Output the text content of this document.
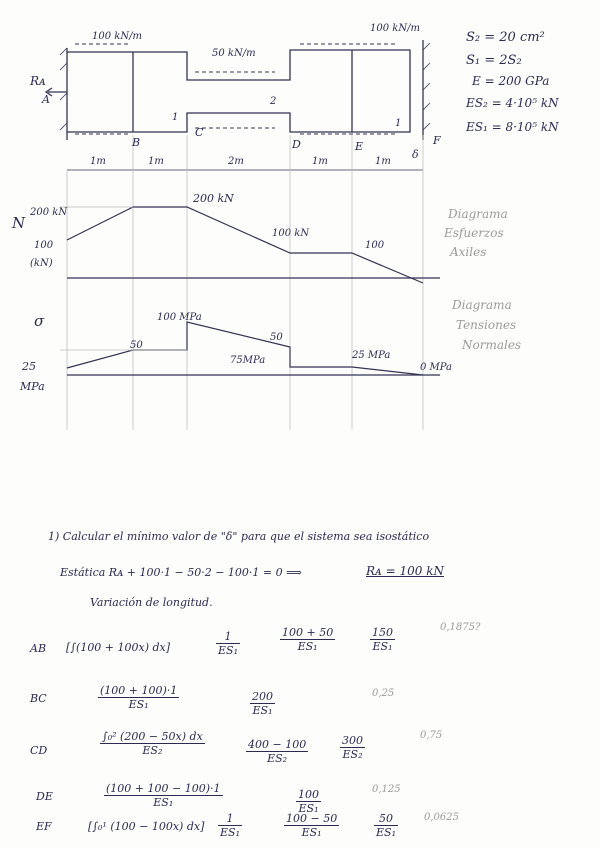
S₂ = 20 cm²
S₁ = 2S₂
E = 200 GPa
ES₂ = 4·10⁵ kN
ES₁ = 8·10⁵ kN
100 kN/m
50 kN/m
100 kN/m
Rᴀ
A
B
C
D	E	F
1
2
1
δ
1m	1m	2m	1m	1m
N
200 kN
100
(kN)
200 kN
100 kN
100
Diagrama
Esfuerzos
Axiles
σ
25
MPa
50
100 MPa
75MPa
50
25 MPa
0 MPa
Diagrama
Tensiones
Normales
1) Calcular el mínimo valor de "δ" para que el sistema sea isostático
Estática Rᴀ + 100·1 − 50·2 − 100·1 = 0 ⟹	Rᴀ = 100 kN
Variación de longitud.
AB [∫(100 + 100x) dx]	$\frac{1}{\text{ES₁}}$	$\frac{100 + 50}{\text{ES₁}}$	$\frac{150}{\text{ES₁}}$	0,1875?
BC	$\frac{(100 + 100)\cdot 1}{\text{ES₁}}$	$\frac{200}{\text{ES₁}}$	0,25
CD	$\frac{\text{∫₀² (200 − 50x) dx}}{\text{ES₂}}$	$\frac{400 - 100}{\text{ES₂}}$	$\frac{300}{\text{ES₂}}$	0,75
DE	$\frac{(100 + 100 - 100)\cdot 1}{\text{ES₁}}$	$\frac{100}{\text{ES₁}}$	0,125
EF	[∫₀¹ (100 − 100x) $dx] \frac{1}{\text{ES₁}}$	$\frac{100 - 50}{\text{ES₁}}$	$\frac{50}{\text{ES₁}}$	0,0625
